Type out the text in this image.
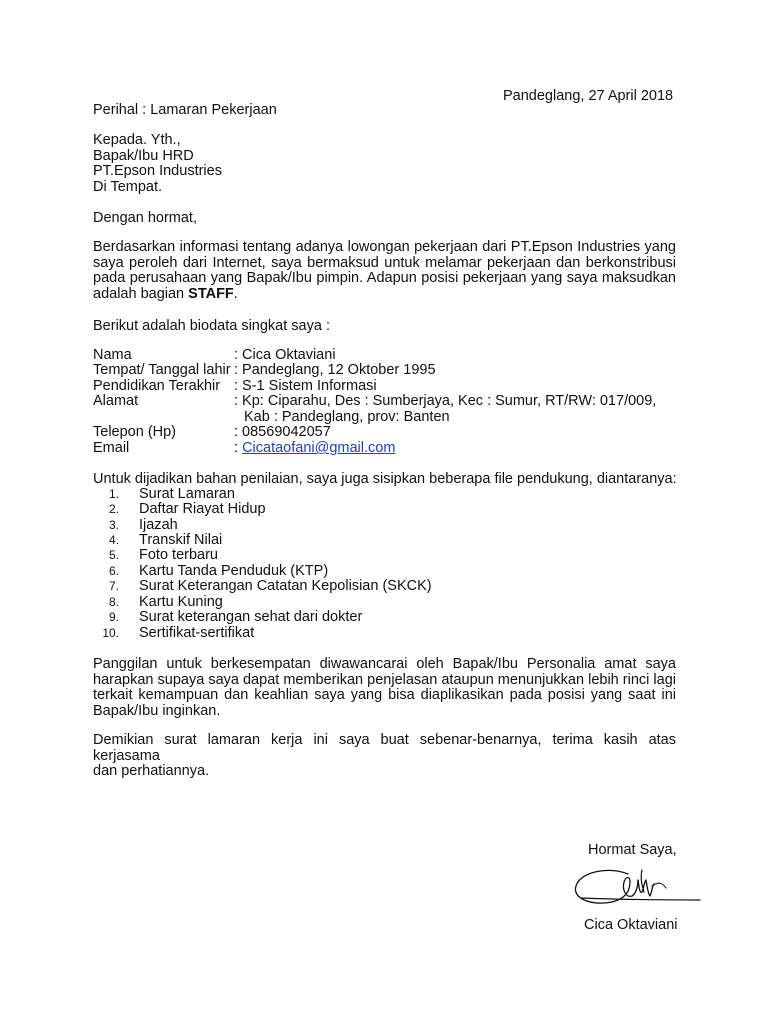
Pandeglang, 27 April 2018
Perihal : Lamaran Pekerjaan
Kepada. Yth.,
Bapak/Ibu HRD
PT.Epson Industries
Di Tempat.
Dengan hormat,
Berdasarkan informasi tentang adanya lowongan pekerjaan dari PT.Epson Industries yang
saya peroleh dari Internet, saya bermaksud untuk melamar pekerjaan dan berkonstribusi
pada perusahaan yang Bapak/Ibu pimpin. Adapun posisi pekerjaan yang saya maksudkan
adalah bagian STAFF.
Berikut adalah biodata singkat saya :
Nama	: Cica Oktaviani
Tempat/ Tanggal lahir : Pandeglang, 12 Oktober 1995
Pendidikan Terakhir : S-1 Sistem Informasi
Alamat	: Kp: Ciparahu, Des : Sumberjaya, Kec : Sumur, RT/RW: 017/009,
Kab : Pandeglang, prov: Banten
Telepon (Hp)	: 08569042057
Email	: Cicataofani@gmail.com
Untuk dijadikan bahan penilaian, saya juga sisipkan beberapa file pendukung, diantaranya:
1. Surat Lamaran
2. Daftar Riayat Hidup
3. Ijazah
4. Transkif Nilai
5. Foto terbaru
6. Kartu Tanda Penduduk (KTP)
7. Surat Keterangan Catatan Kepolisian (SKCK)
8. Kartu Kuning
9. Surat keterangan sehat dari dokter
10. Sertifikat-sertifikat
Panggilan untuk berkesempatan diwawancarai oleh Bapak/Ibu Personalia amat saya
harapkan supaya saya dapat memberikan penjelasan ataupun menunjukkan lebih rinci lagi
terkait kemampuan dan keahlian saya yang bisa diaplikasikan pada posisi yang saat ini
Bapak/Ibu inginkan.
Demikian surat lamaran kerja ini saya buat sebenar-benarnya, terima kasih atas kerjasama
dan perhatiannya.
Hormat Saya,
Cica Oktaviani
